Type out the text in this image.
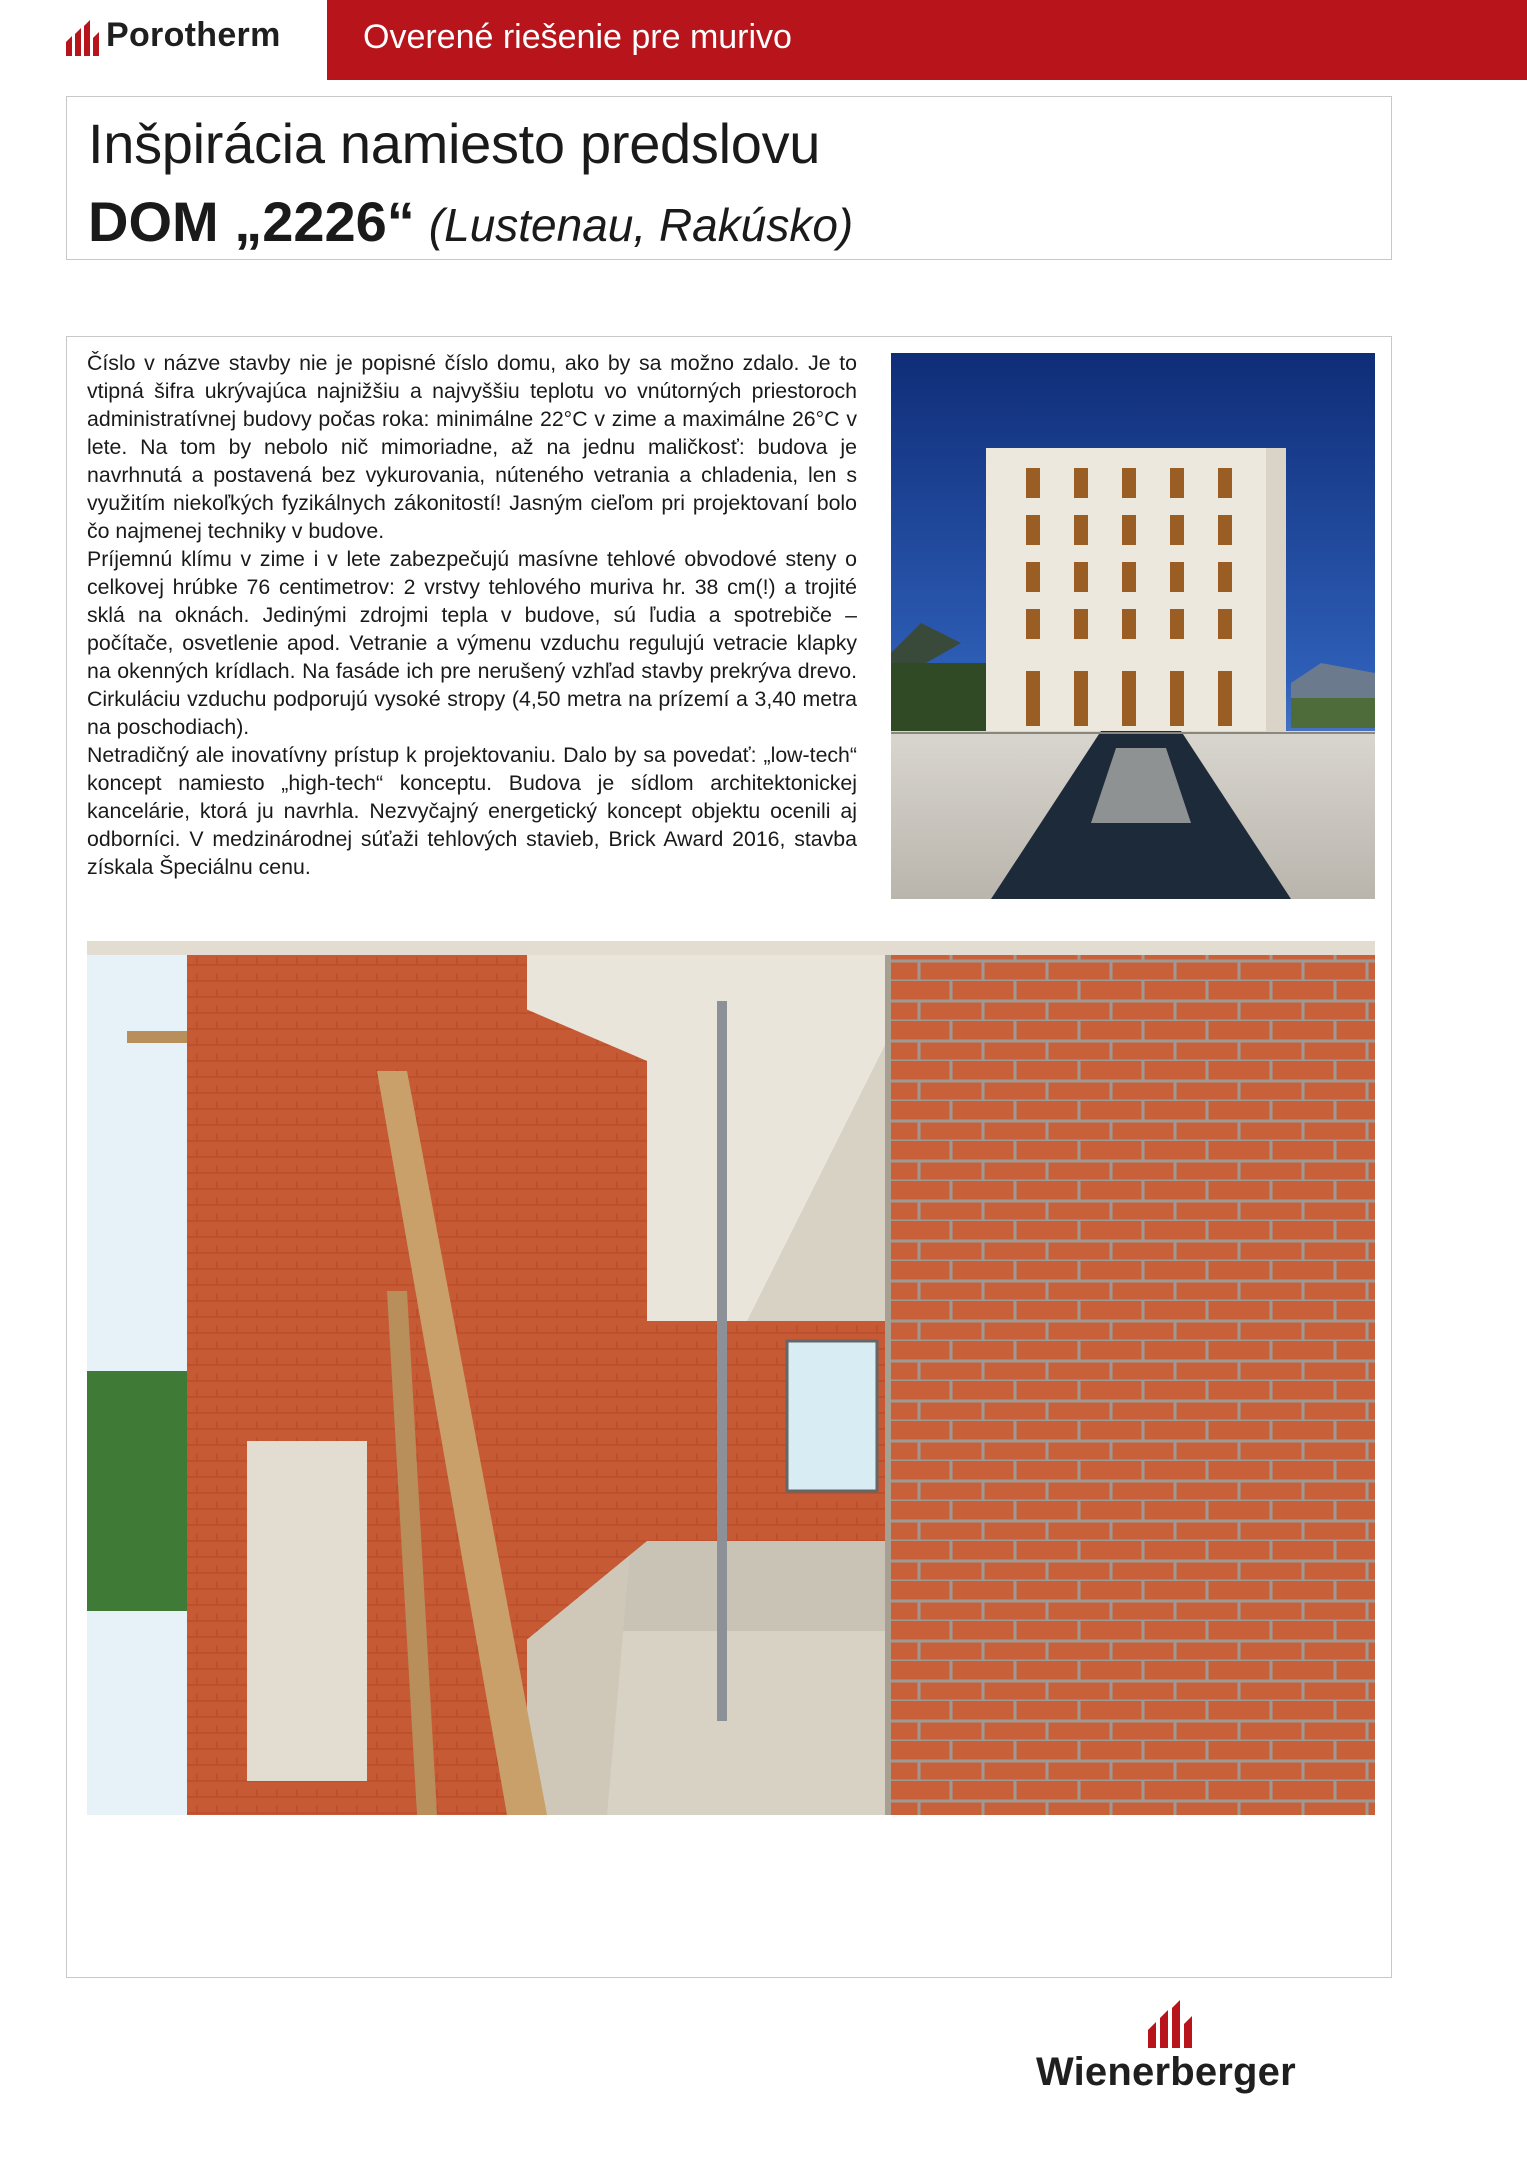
Porotherm Overené riešenie pre murivo
Inšpirácia namiesto predslovu
DOM „2226“ (Lustenau, Rakúsko)

Číslo v názve stavby nie je popisné číslo domu, ako by sa možno zdalo. Je to vtipná šifra ukrývajúca najnižšiu a najvyššiu teplotu vo vnútorných priestoroch administratívnej budovy počas roka: minimálne 22°C v zime a maximálne 26°C v lete. Na tom by nebolo nič mimoriadne, až na jednu maličkosť: budova je navrhnutá a postavená bez vykurovania, núteného vetrania a chladenia, len s využitím niekoľkých fyzikálnych zákonitostí! Jasným cieľom pri projektovaní bolo čo najmenej techniky v budove.

Príjemnú klímu v zime i v lete zabezpečujú masívne tehlové obvodové steny o celkovej hrúbke 76 centimetrov: 2 vrstvy tehlového muriva hr. 38 cm(!) a trojité sklá na oknách. Jedinými zdrojmi tepla v budove, sú ľudia a spotrebiče – počítače, osvetlenie apod. Vetranie a výmenu vzduchu regulujú vetracie klapky na okenných krídlach. Na fasáde ich pre nerušený vzhľad stavby prekrýva drevo. Cirkuláciu vzduchu podporujú vysoké stropy (4,50 metra na prízemí a 3,40 metra na poschodiach).

Netradičný ale inovatívny prístup k projektovaniu. Dalo by sa povedať: „low-tech“ koncept namiesto „high-tech“ konceptu. Budova je sídlom architektonickej kancelárie, ktorá ju navrhla. Nezvyčajný energetický koncept objektu ocenili aj odborníci. V medzinárodnej súťaži tehlových stavieb, Brick Award 2016, stavba získala Špeciálnu cenu.

Wienerberger
